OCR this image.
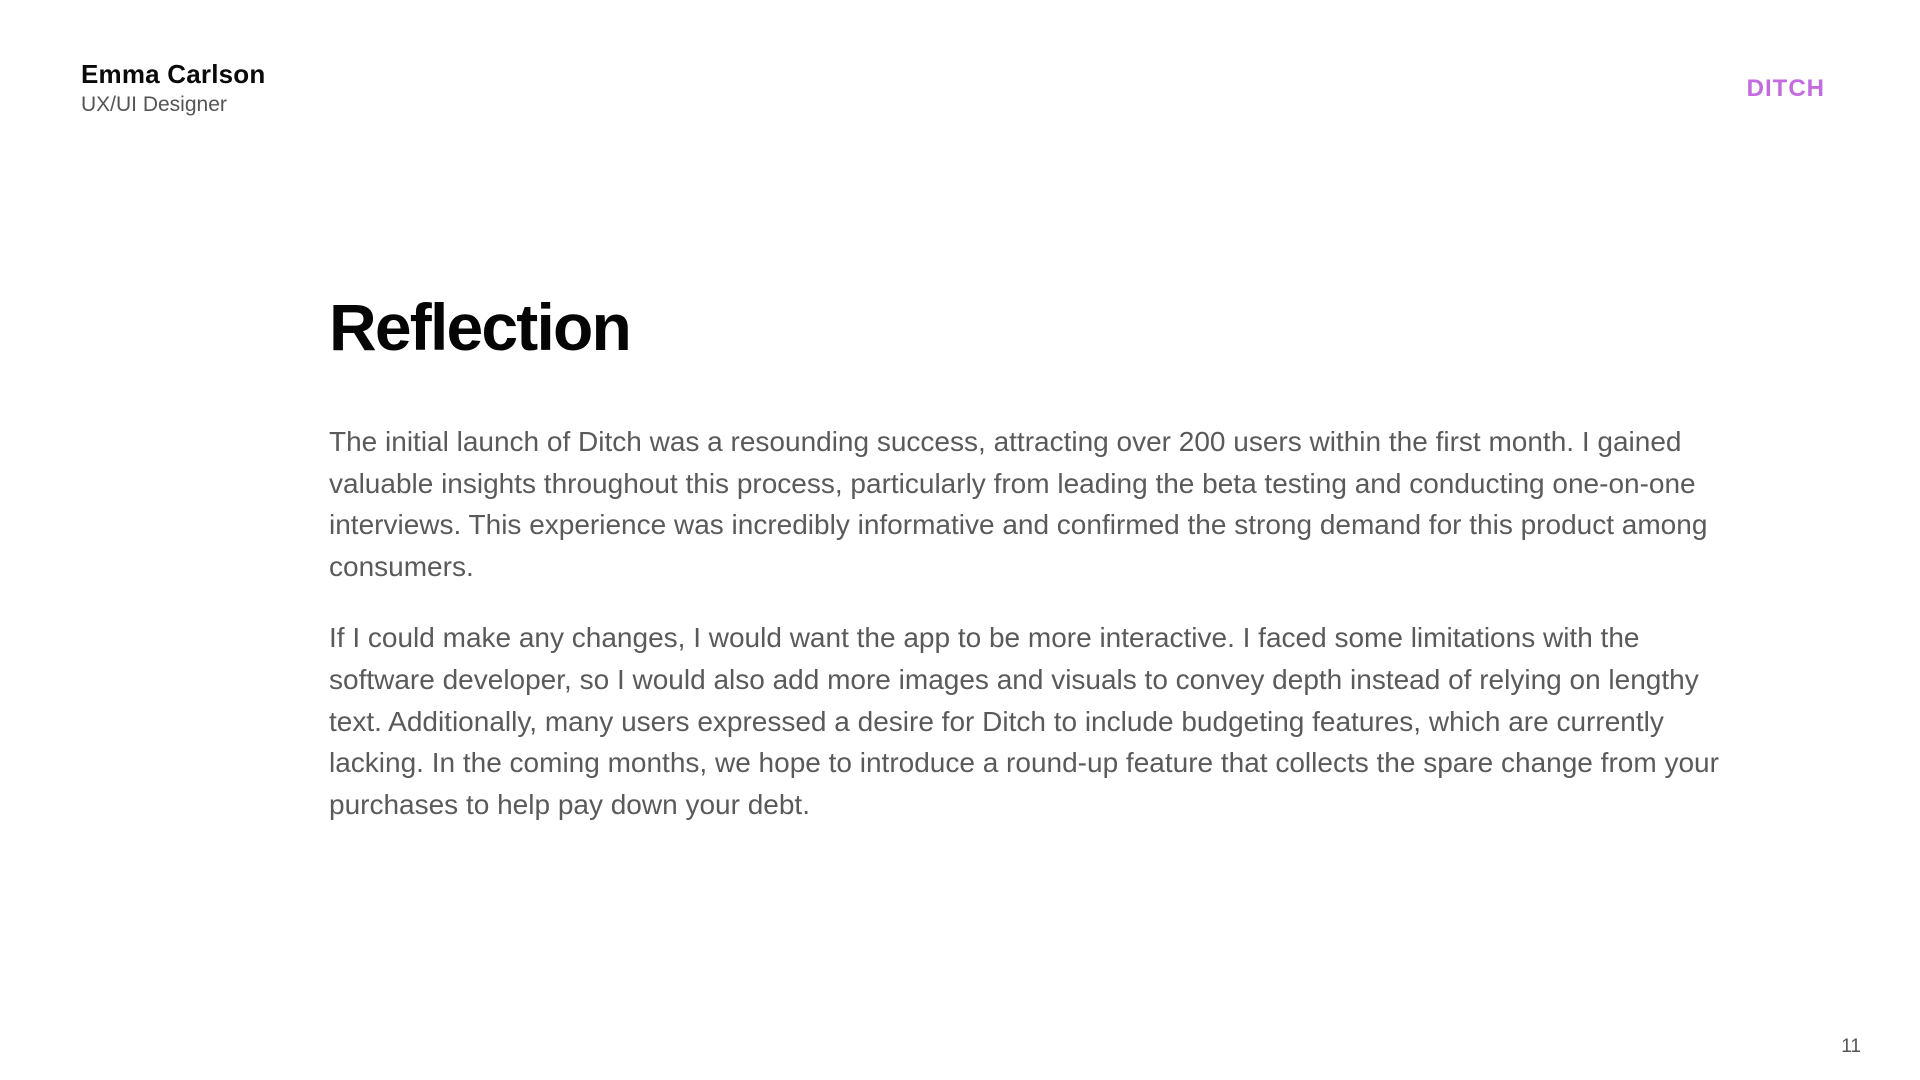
Emma Carlson
UX/UI Designer
DITCH
Reflection

The initial launch of Ditch was a resounding success, attracting over 200 users within the first month. I gained valuable insights throughout this process, particularly from leading the beta testing and conducting one-on-one interviews. This experience was incredibly informative and confirmed the strong demand for this product among consumers.

If I could make any changes, I would want the app to be more interactive. I faced some limitations with the software developer, so I would also add more images and visuals to convey depth instead of relying on lengthy text. Additionally, many users expressed a desire for Ditch to include budgeting features, which are currently lacking. In the coming months, we hope to introduce a round-up feature that collects the spare change from your purchases to help pay down your debt.

11
